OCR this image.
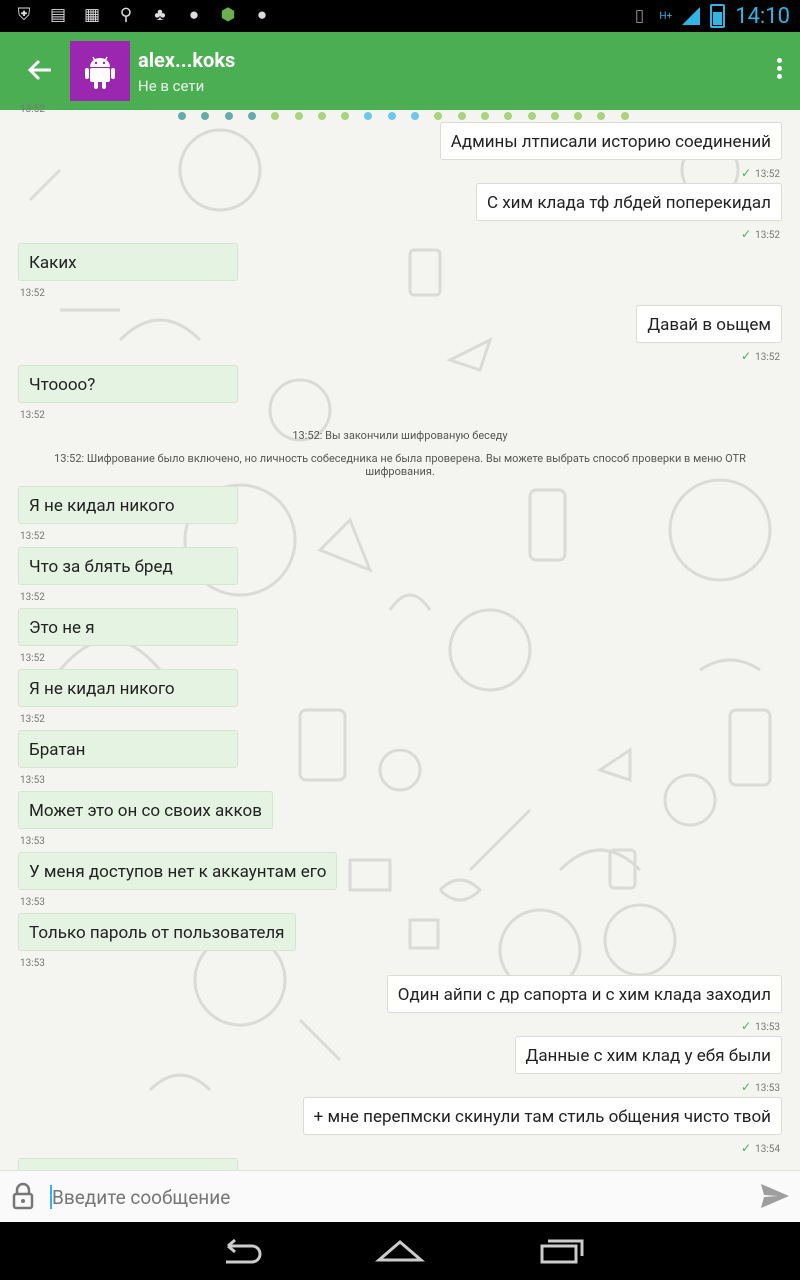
⛨ ▤ ▦ ⚲ ♣ ● ⬢ ●	▯	H+	14:10
alex...koks
Не в сети
13:52
Админы лтписали историю соединений
✓ 13:52
С хим клада тф лбдей поперекидал
✓ 13:52
Каких
13:52
Давай в оьщем
✓ 13:52
Чтоооо?
13:52
13:52: Вы закончили шифрованую беседу
13:52: Шифрование было включено, но личность собеседника не была проверена. Вы можете выбрать способ проверки в меню OTR
шифрования.
Я не кидал никого
13:52
Что за блять бред
13:52
Это не я
13:52
Я не кидал никого
13:52
Братан
13:53
Может это он со своих акков
13:53
У меня доступов нет к аккаунтам его
13:53
Только пароль от пользователя
13:53
Один айпи с др сапорта и с хим клада заходил
✓ 13:53
Данные с хим клад у ебя были
✓ 13:53
+ мне перепмски скинули там стиль общения чисто твой
✓ 13:54
Введите сообщение
